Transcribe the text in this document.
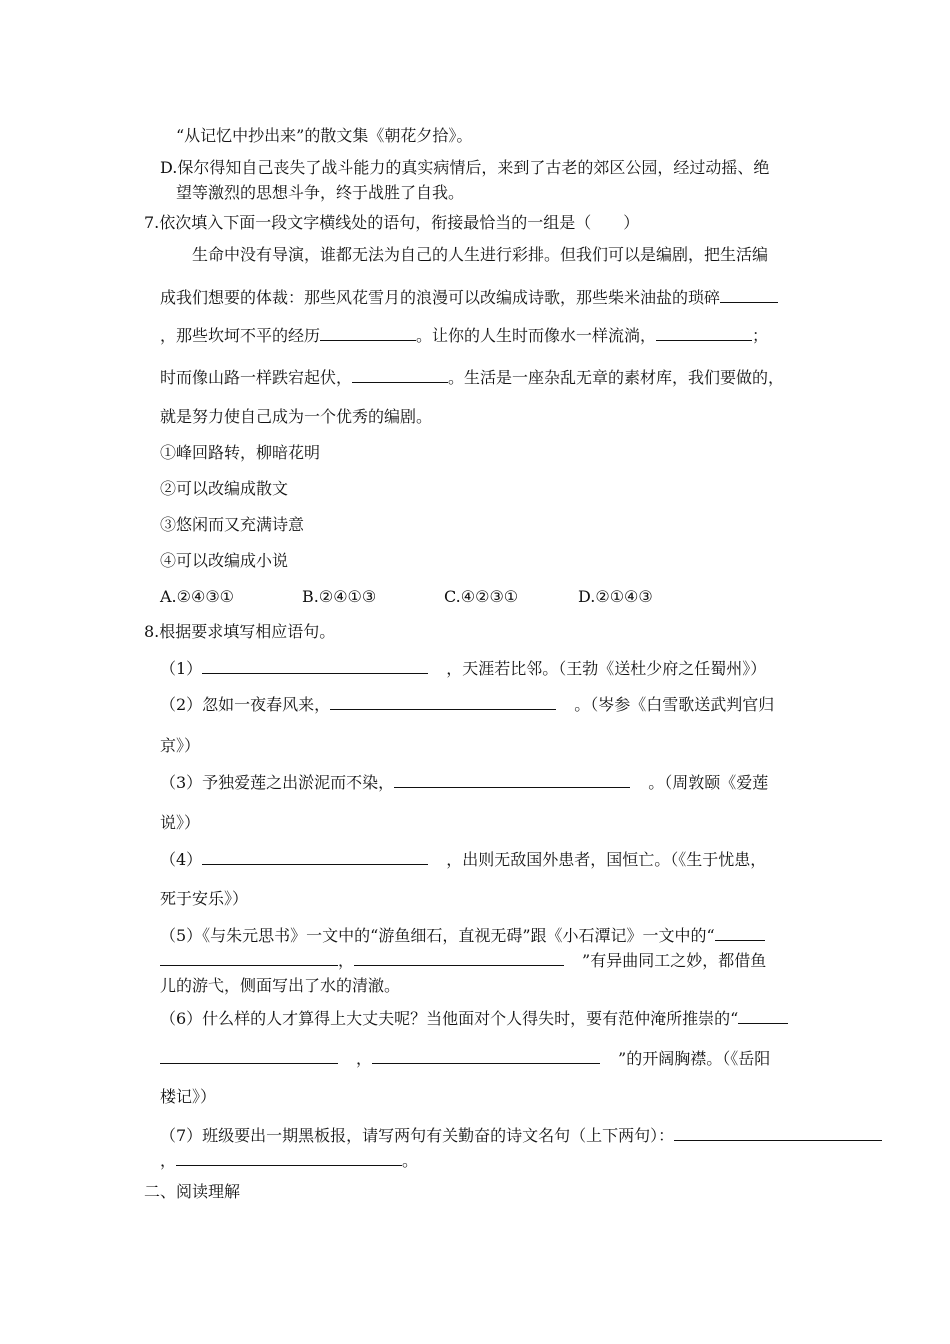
“从记忆中抄出来”的散文集《朝花夕拾》。
D.保尔得知自己丧失了战斗能力的真实病情后，来到了古老的郊区公园，经过动摇、绝
望等激烈的思想斗争，终于战胜了自我。
7.依次填入下面一段文字横线处的语句，衔接最恰当的一组是（　　）
生命中没有导演，谁都无法为自己的人生进行彩排。但我们可以是编剧，把生活编
成我们想要的体裁：那些风花雪月的浪漫可以改编成诗歌，那些柴米油盐的琐碎
，那些坎坷不平的经历	。让你的人生时而像水一样流淌，	；
时而像山路一样跌宕起伏，	。生活是一座杂乱无章的素材库，我们要做的，
就是努力使自己成为一个优秀的编剧。
①峰回路转，柳暗花明
②可以改编成散文
③悠闲而又充满诗意
④可以改编成小说
A.②④③①	B.②④①③	C.④②③①	D.②①④③
8.根据要求填写相应语句。
（1）	，天涯若比邻。（王勃《送杜少府之任蜀州》）
（2）忽如一夜春风来，	。（岑参《白雪歌送武判官归
京》）
（3）予独爱莲之出淤泥而不染，	。（周敦颐《爱莲
说》）
（4）	，出则无敌国外患者，国恒亡。（《生于忧患，
死于安乐》）
（5）《与朱元思书》一文中的“游鱼细石，直视无碍”跟《小石潭记》一文中的“
，	”有异曲同工之妙，都借鱼
儿的游弋，侧面写出了水的清澈。
（6）什么样的人才算得上大丈夫呢？当他面对个人得失时，要有范仲淹所推崇的“
，	”的开阔胸襟。（《岳阳
楼记》）
（7）班级要出一期黑板报，请写两句有关勤奋的诗文名句（上下两句）：
，	。
二、阅读理解
